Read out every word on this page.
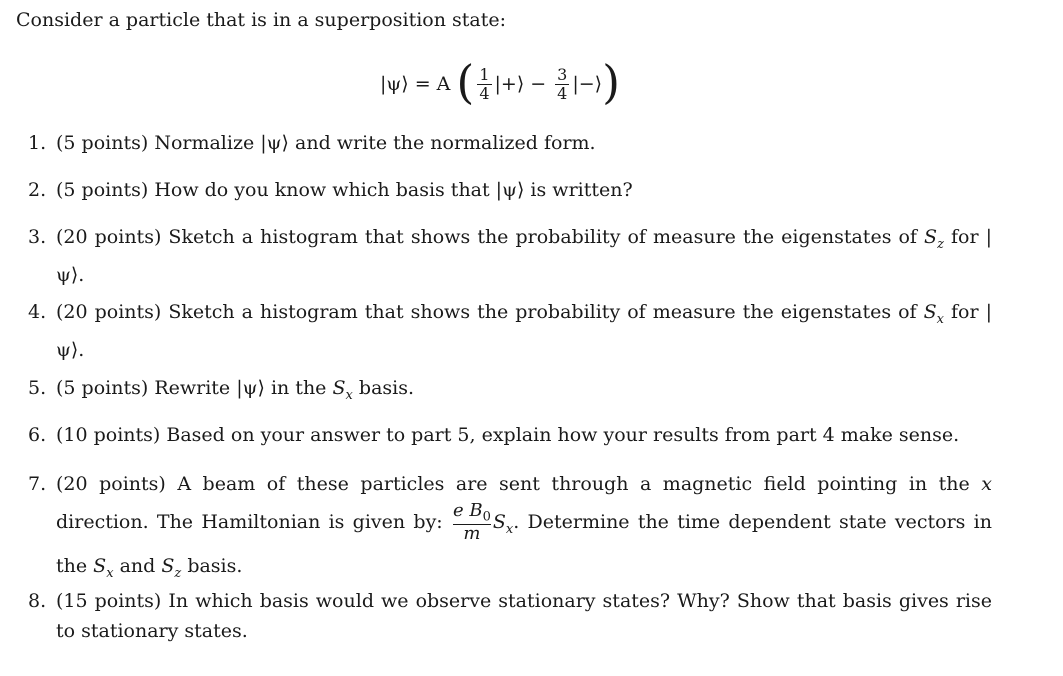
Consider a particle that is in a superposition state:

|ψ⟩ = A ( $\frac{1}{4}$ |+⟩ − $\frac{3}{4}$ |−⟩ )
1. (5 points) Normalize |ψ⟩ and write the normalized form.
2. (5 points) How do you know which basis that |ψ⟩ is written?
3. (20 points) Sketch a histogram that shows the probability of measure the eigenstates of $S_z$ for |ψ⟩.
4. (20 points) Sketch a histogram that shows the probability of measure the eigenstates of $S_x$ for |ψ⟩.
5. (5 points) Rewrite |ψ⟩ in the $S_x$ basis.
6. (10 points) Based on your answer to part 5, explain how your results from part 4 make sense.
7. (20 points) A beam of these particles are sent through a magnetic field pointing in the x direction. The Hamiltonian is given by: $\frac{e B_0}{m} S_x$. Determine the time dependent state vectors in the $S_x$ and $S_z$ basis.
8. (15 points) In which basis would we observe stationary states? Why? Show that basis gives rise to stationary states.
